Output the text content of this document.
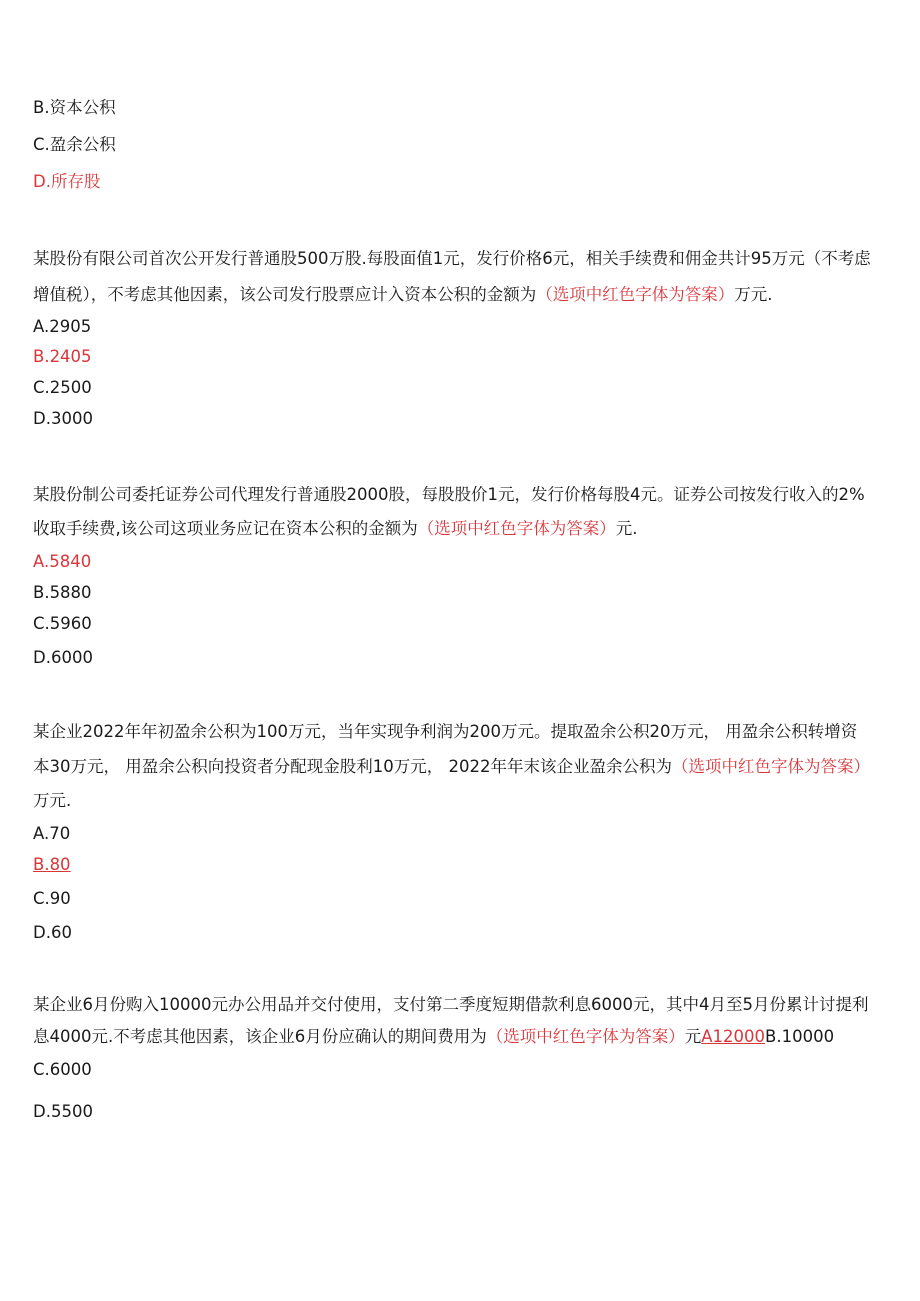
B.资本公积
C.盈余公积
D.所存股
某股份有限公司首次公开发行普通股500万股.每股面值1元，发行价格6元，相关手续费和佣金共计95万元（不考虑
增值税），不考虑其他因素，该公司发行股票应计入资本公积的金额为（选项中红色字体为答案）万元.
A.2905
B.2405
C.2500
D.3000
某股份制公司委托证券公司代理发行普通股2000股，每股股价1元，发行价格每股4元。证券公司按发行收入的2%
收取手续费,该公司这项业务应记在资本公积的金额为（选项中红色字体为答案）元.
A.5840
B.5880
C.5960
D.6000
某企业2022年年初盈余公积为100万元，当年实现争利润为200万元。提取盈余公积20万元， 用盈余公积转增资
本30万元， 用盈余公积向投资者分配现金股利10万元， 2022年年末该企业盈余公积为（选项中红色字体为答案）
万元.
A.70
B.80
C.90
D.60
某企业6月份购入10000元办公用品并交付使用，支付第二季度短期借款利息6000元，其中4月至5月份累计讨提利
息4000元.不考虑其他因素，该企业6月份应确认的期间费用为（选项中红色字体为答案）元A12000B.10000
C.6000
D.5500
